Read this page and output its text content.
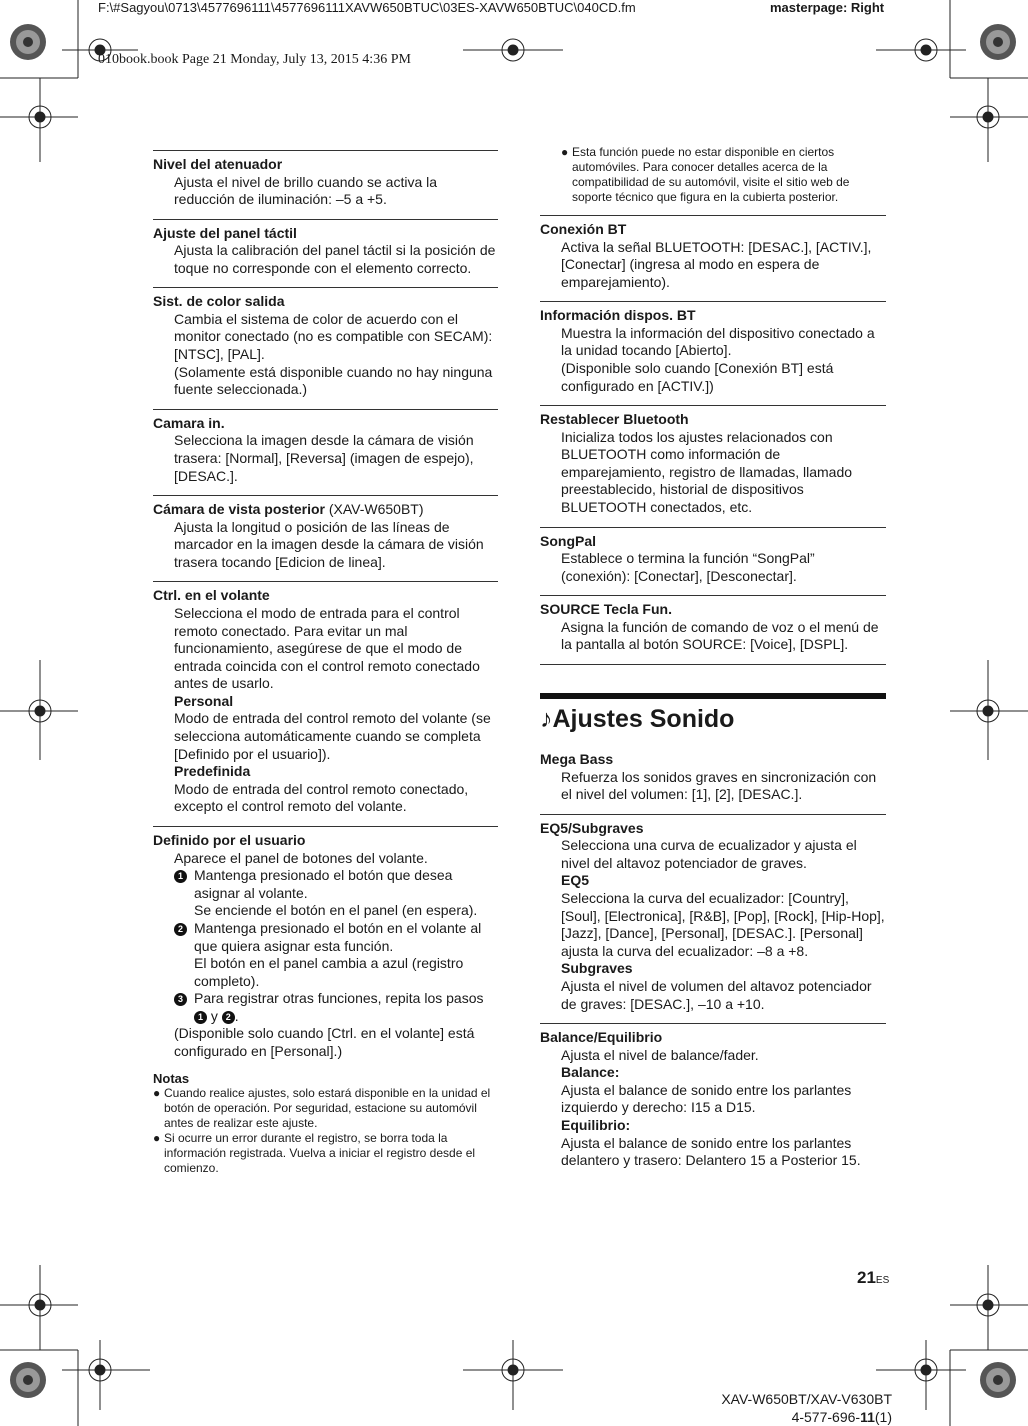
F:\#Sagyou\0713\4577696111\4577696111XAVW650BTUC\03ES-XAVW650BTUC\040CD.fm	masterpage: Right
010book.book Page 21 Monday, July 13, 2015 4:36 PM
Nivel del atenuador
Ajusta el nivel de brillo cuando se activa la reducción de iluminación: –5 a +5.
Ajuste del panel táctil
Ajusta la calibración del panel táctil si la posición de toque no corresponde con el elemento correcto.
Sist. de color salida
Cambia el sistema de color de acuerdo con el monitor conectado (no es compatible con SECAM): [NTSC], [PAL].
(Solamente está disponible cuando no hay ninguna fuente seleccionada.)
Camara in.
Selecciona la imagen desde la cámara de visión trasera: [Normal], [Reversa] (imagen de espejo), [DESAC.].
Cámara de vista posterior (XAV-W650BT)
Ajusta la longitud o posición de las líneas de marcador en la imagen desde la cámara de visión trasera tocando [Edicion de linea].
Ctrl. en el volante
Selecciona el modo de entrada para el control remoto conectado. Para evitar un mal funcionamiento, asegúrese de que el modo de entrada coincida con el control remoto conectado antes de usarlo.
Personal
Modo de entrada del control remoto del volante (se selecciona automáticamente cuando se completa [Definido por el usuario]).
Predefinida
Modo de entrada del control remoto conectado, excepto el control remoto del volante.
Definido por el usuario
Aparece el panel de botones del volante.
1 Mantenga presionado el botón que desea asignar al volante.
Se enciende el botón en el panel (en espera).
2 Mantenga presionado el botón en el volante al que quiera asignar esta función.
El botón en el panel cambia a azul (registro completo).
3 Para registrar otras funciones, repita los pasos 1 y 2 .
(Disponible solo cuando [Ctrl. en el volante] está configurado en [Personal].)
Notas
● Cuando realice ajustes, solo estará disponible en la unidad el botón de operación. Por seguridad, estacione su automóvil antes de realizar este ajuste.
● Si ocurre un error durante el registro, se borra toda la información registrada. Vuelva a iniciar el registro desde el comienzo.
● Esta función puede no estar disponible en ciertos automóviles. Para conocer detalles acerca de la compatibilidad de su automóvil, visite el sitio web de soporte técnico que figura en la cubierta posterior.
Conexión BT
Activa la señal BLUETOOTH: [DESAC.], [ACTIV.], [Conectar] (ingresa al modo en espera de emparejamiento).
Información dispos. BT
Muestra la información del dispositivo conectado a la unidad tocando [Abierto].
(Disponible solo cuando [Conexión BT] está configurado en [ACTIV.])
Restablecer Bluetooth
Inicializa todos los ajustes relacionados con BLUETOOTH como información de emparejamiento, registro de llamadas, llamado preestablecido, historial de dispositivos BLUETOOTH conectados, etc.
SongPal
Establece o termina la función “SongPal” (conexión): [Conectar], [Desconectar].
SOURCE Tecla Fun.
Asigna la función de comando de voz o el menú de la pantalla al botón SOURCE: [Voice], [DSPL].
♪Ajustes Sonido
Mega Bass
Refuerza los sonidos graves en sincronización con el nivel del volumen: [1], [2], [DESAC.].
EQ5/Subgraves
Selecciona una curva de ecualizador y ajusta el nivel del altavoz potenciador de graves.
EQ5
Selecciona la curva del ecualizador: [Country], [Soul], [Electronica], [R&B], [Pop], [Rock], [Hip-Hop], [Jazz], [Dance], [Personal], [DESAC.]. [Personal] ajusta la curva del ecualizador: –8 a +8.
Subgraves
Ajusta el nivel de volumen del altavoz potenciador de graves: [DESAC.], –10 a +10.
Balance/Equilibrio
Ajusta el nivel de balance/fader.
Balance:
Ajusta el balance de sonido entre los parlantes izquierdo y derecho: I15 a D15.
Equilibrio:
Ajusta el balance de sonido entre los parlantes delantero y trasero: Delantero 15 a Posterior 15.
21ES
XAV-W650BT/XAV-V630BT
4-577-696-11(1)
